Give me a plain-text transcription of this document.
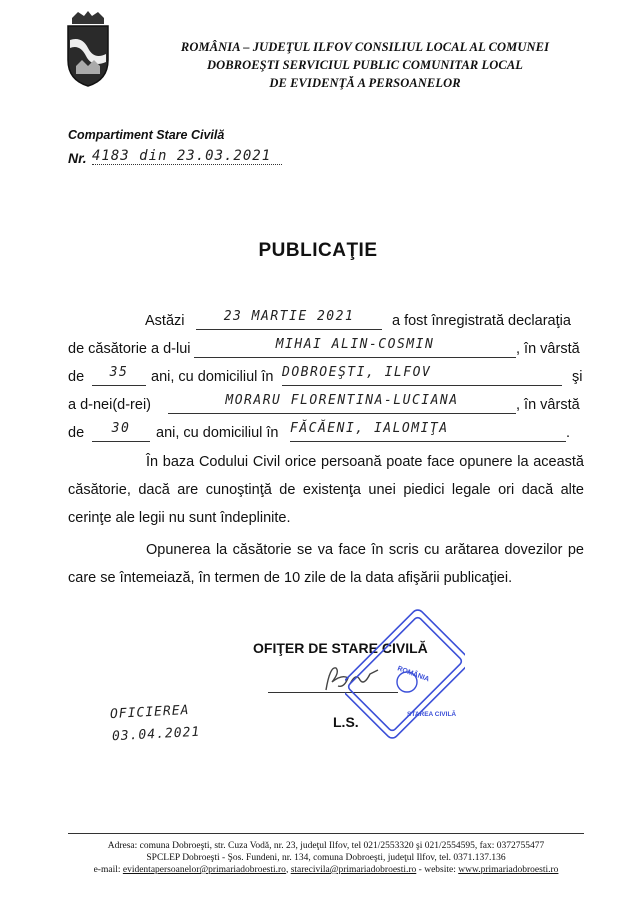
ROMÂNIA – JUDEŢUL ILFOV CONSILIUL LOCAL AL COMUNEI
DOBROEŞTI SERVICIUL PUBLIC COMUNITAR LOCAL
DE EVIDENŢĂ A PERSOANELOR
Compartiment Stare Civilă
Nr. 4183 din 23.03.2021
PUBLICAŢIE
Astăzi	23 MARTIE 2021	a fost înregistrată declaraţia
de căsătorie a d-lui	MIHAI ALIN-COSMIN	, în vârstă
de	35	ani, cu domiciliul în DOBROEŞTI, ILFOV	şi
a d-nei(d-rei)	MORARU FLORENTINA-LUCIANA	, în vârstă
de	30	ani, cu domiciliul în FĂCĂENI, IALOMIŢA	.
În baza Codului Civil orice persoană poate face opunere la această căsătorie, dacă are cunoştinţă de existenţa unei piedici legale ori dacă alte cerinţe ale legii nu sunt îndeplinite.
Opunerea la căsătorie se va face în scris cu arătarea dovezilor pe care se întemeiază, în termen de 10 zile de la data afişării publicaţiei.
OFIŢER DE STARE CIVILĂ
L.S.
ROMÂNIA
STAREA CIVILĂ
OFICIEREA
03.04.2021
Adresa: comuna Dobroeşti, str. Cuza Vodă, nr. 23, judeţul Ilfov, tel 021/2553320 şi 021/2554595, fax: 0372755477
SPCLEP Dobroeşti - Şos. Fundeni, nr. 134, comuna Dobroeşti, judeţul Ilfov, tel. 0371.137.136
e-mail: evidentapersoanelor@primariadobroesti.ro, starecivila@primariadobroesti.ro - website: www.primariadobroesti.ro
